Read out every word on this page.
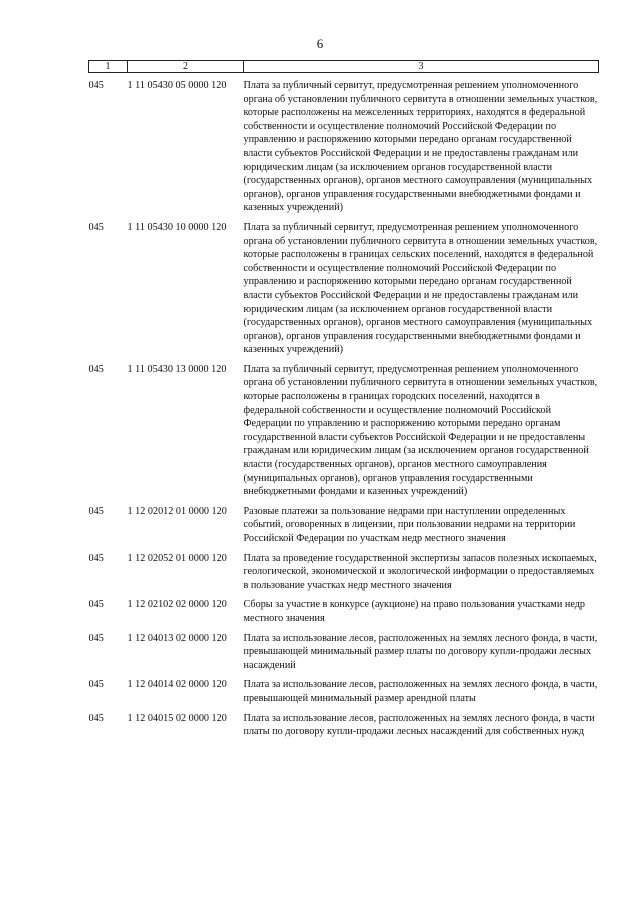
6
1	2	3

045	1 11 05430 05 0000 120	Плата за публичный сервитут, предусмотренная решением уполномоченного органа об установлении публичного сервитута в отношении земельных участков, которые расположены на межселенных территориях, находятся в федеральной собственности и осуществление полномочий Российской Федерации по управлению и распоряжению которыми передано органам государственной власти субъектов Российской Федерации и не предоставлены гражданам или юридическим лицам (за исключением органов государственной власти (государственных органов), органов местного самоуправления (муниципальных органов), органов управления государственными внебюджетными фондами и казенных учреждений)
045	1 11 05430 10 0000 120	Плата за публичный сервитут, предусмотренная решением уполномоченного органа об установлении публичного сервитута в отношении земельных участков, которые расположены в границах сельских поселений, находятся в федеральной собственности и осуществление полномочий Российской Федерации по управлению и распоряжению которыми передано органам государственной власти субъектов Российской Федерации и не предоставлены гражданам или юридическим лицам (за исключением органов государственной власти (государственных органов), органов местного самоуправления (муниципальных органов), органов управления государственными внебюджетными фондами и казенных учреждений)
045	1 11 05430 13 0000 120	Плата за публичный сервитут, предусмотренная решением уполномоченного органа об установлении публичного сервитута в отношении земельных участков, которые расположены в границах городских поселений, находятся в федеральной собственности и осуществление полномочий Российской Федерации по управлению и распоряжению которыми передано органам государственной власти субъектов Российской Федерации и не предоставлены гражданам или юридическим лицам (за исключением органов государственной власти (государственных органов), органов местного самоуправления (муниципальных органов), органов управления государственными внебюджетными фондами и казенных учреждений)
045	1 12 02012 01 0000 120	Разовые платежи за пользование недрами при наступлении определенных событий, оговоренных в лицензии, при пользовании недрами на территории Российской Федерации по участкам недр местного значения
045	1 12 02052 01 0000 120	Плата за проведение государственной экспертизы запасов полезных ископаемых, геологической, экономической и экологической информации о предоставляемых в пользование участках недр местного значения
045	1 12 02102 02 0000 120	Сборы за участие в конкурсе (аукционе) на право пользования участками недр местного значения
045	1 12 04013 02 0000 120	Плата за использование лесов, расположенных на землях лесного фонда, в части, превышающей минимальный размер платы по договору купли-продажи лесных насаждений
045	1 12 04014 02 0000 120	Плата за использование лесов, расположенных на землях лесного фонда, в части, превышающей минимальный размер арендной платы
045	1 12 04015 02 0000 120	Плата за использование лесов, расположенных на землях лесного фонда, в части платы по договору купли-продажи лесных насаждений для собственных нужд
